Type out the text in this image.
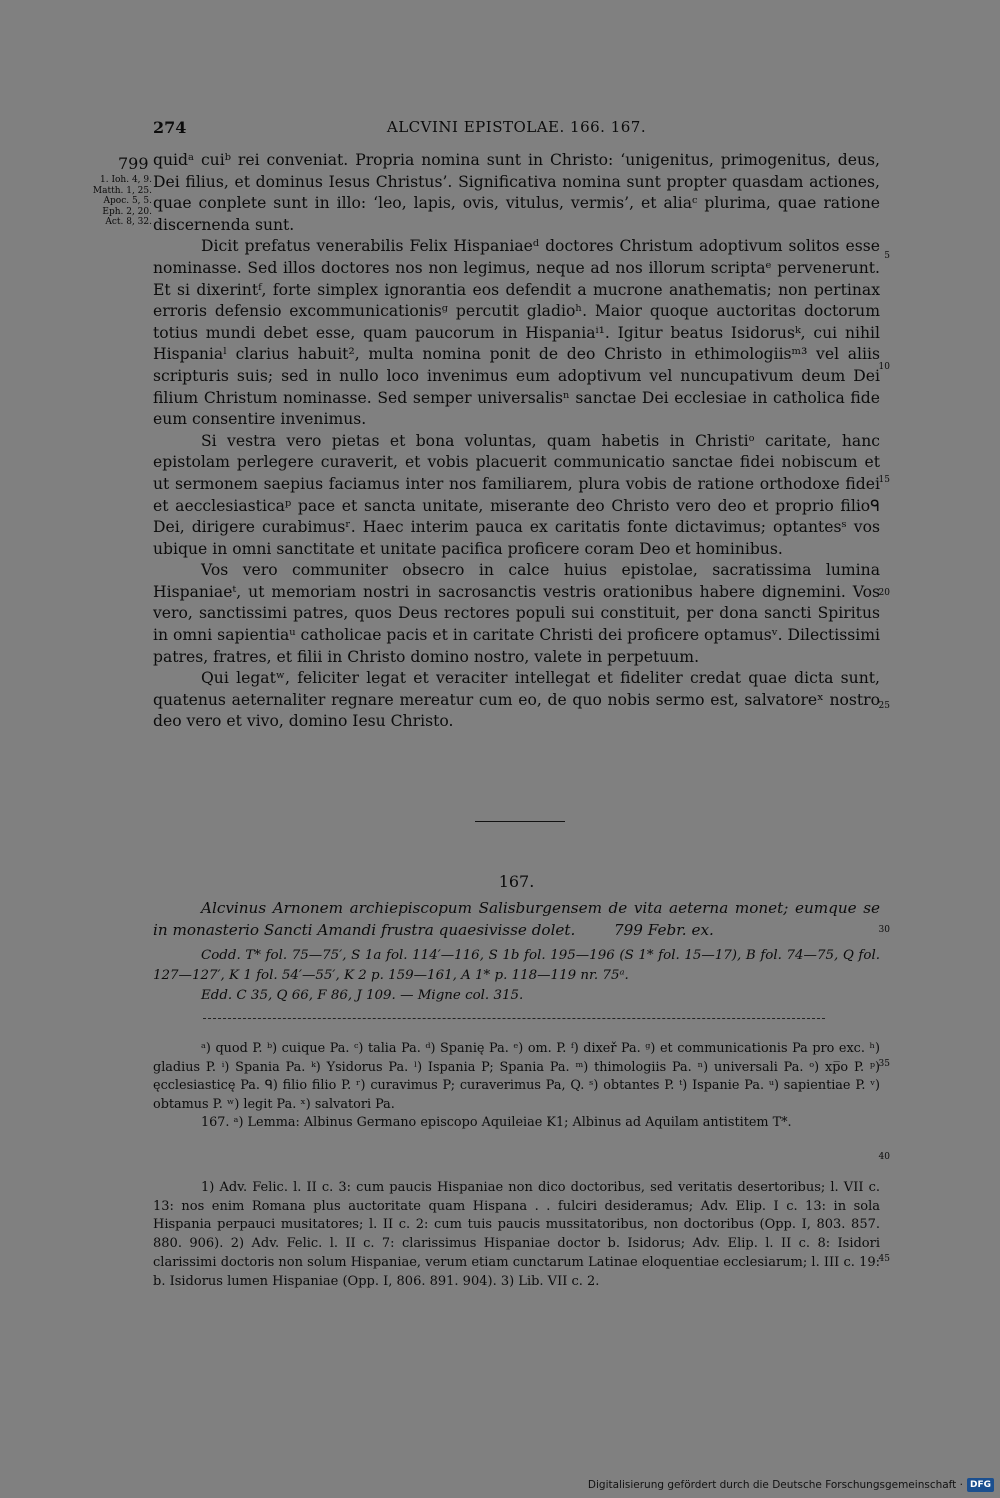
274	ALCVINI EPISTOLAE. 166. 167.
799
1. Ioh. 4, 9.
Matth. 1, 25.
Apoc. 5, 5.
Eph. 2, 20.
Act. 8, 32.
5
10
15
20
25
30
35
40
45

quidᵃ cuiᵇ rei conveniat. Propria nomina sunt in Christo: ‘unigenitus, primogenitus, deus, Dei filius, et dominus Iesus Christus’. Significativa nomina sunt propter quasdam actiones, quae conplete sunt in illo: ‘leo, lapis, ovis, vitulus, vermis’, et aliaᶜ plurima, quae ratione discernenda sunt.

Dicit prefatus venerabilis Felix Hispaniaeᵈ doctores Christum adoptivum solitos esse nominasse. Sed illos doctores nos non legimus, neque ad nos illorum scriptaᵉ pervenerunt. Et si dixerintᶠ, forte simplex ignorantia eos defendit a mucrone anathematis; non pertinax erroris defensio excommunicationisᵍ percutit gladioʰ. Maior quoque auctoritas doctorum totius mundi debet esse, quam paucorum in Hispaniaⁱ¹. Igitur beatus Isidorusᵏ, cui nihil Hispaniaˡ clarius habuit², multa nomina ponit de deo Christo in ethimologiisᵐ³ vel aliis scripturis suis; sed in nullo loco invenimus eum adoptivum vel nuncupativum deum Dei filium Christum nominasse. Sed semper universalisⁿ sanctae Dei ecclesiae in catholica fide eum consentire invenimus.

Si vestra vero pietas et bona voluntas, quam habetis in Christiᵒ caritate, hanc epistolam perlegere curaverit, et vobis placuerit communicatio sanctae fidei nobiscum et ut sermonem saepius faciamus inter nos familiarem, plura vobis de ratione orthodoxe fidei et aecclesiasticaᵖ pace et sancta unitate, miserante deo Christo vero deo et proprio filioᑫ Dei, dirigere curabimusʳ. Haec interim pauca ex caritatis fonte dictavimus; optantesˢ vos ubique in omni sanctitate et unitate pacifica proficere coram Deo et hominibus.

Vos vero communiter obsecro in calce huius epistolae, sacratissima lumina Hispaniaeᵗ, ut memoriam nostri in sacrosanctis vestris orationibus habere dignemini. Vos vero, sanctissimi patres, quos Deus rectores populi sui constituit, per dona sancti Spiritus in omni sapientiaᵘ catholicae pacis et in caritate Christi dei proficere optamusᵛ. Dilectissimi patres, fratres, et filii in Christo domino nostro, valete in perpetuum.

Qui legatʷ, feliciter legat et veraciter intellegat et fideliter credat quae dicta sunt, quatenus aeternaliter regnare mereatur cum eo, de quo nobis sermo est, salvatoreˣ nostro deo vero et vivo, domino Iesu Christo.

167.

Alcvinus Arnonem archiepiscopum Salisburgensem de vita aeterna monet; eumque se in monasterio Sancti Amandi frustra quaesivisse dolet.	799 Febr. ex.

Codd. T* fol. 75—75′, S 1a fol. 114′—116, S 1b fol. 195—196 (S 1* fol. 15—17), B fol. 74—75, Q fol. 127—127′, K 1 fol. 54′—55′, K 2 p. 159—161, A 1* p. 118—119 nr. 75ᵃ.

Edd. C 35, Q 66, F 86, J 109. — Migne col. 315.

ᵃ) quod P. ᵇ) cuique Pa. ᶜ) talia Pa. ᵈ) Spanię Pa. ᵉ) om. P. ᶠ) dixeř Pa. ᵍ) et communicationis Pa pro exc. ʰ) gladius P. ⁱ) Spania Pa. ᵏ) Ysidorus Pa. ˡ) Ispania P; Spania Pa. ᵐ) thimologiis Pa. ⁿ) universali Pa. ᵒ) xp̅o P. ᵖ) ęcclesiasticę Pa. ᑫ) filio filio P. ʳ) curavimus P; curaverimus Pa, Q. ˢ) obtantes P. ᵗ) Ispanie Pa. ᵘ) sapientiae P. ᵛ) obtamus P. ʷ) legit Pa. ˣ) salvatori Pa.

167. ᵃ) Lemma: Albinus Germano episcopo Aquileiae K1; Albinus ad Aquilam antistitem T*.

1) Adv. Felic. l. II c. 3: cum paucis Hispaniae non dico doctoribus, sed veritatis desertoribus; l. VII c. 13: nos enim Romana plus auctoritate quam Hispana . . fulciri desideramus; Adv. Elip. I c. 13: in sola Hispania perpauci musitatores; l. II c. 2: cum tuis paucis mussitatoribus, non doctoribus (Opp. I, 803. 857. 880. 906). 2) Adv. Felic. l. II c. 7: clarissimus Hispaniae doctor b. Isidorus; Adv. Elip. l. II c. 8: Isidori clarissimi doctoris non solum Hispaniae, verum etiam cunctarum Latinae eloquentiae ecclesiarum; l. III c. 19: b. Isidorus lumen Hispaniae (Opp. I, 806. 891. 904). 3) Lib. VII c. 2.

Digitalisierung gefördert durch die Deutsche Forschungsgemeinschaft · DFG
